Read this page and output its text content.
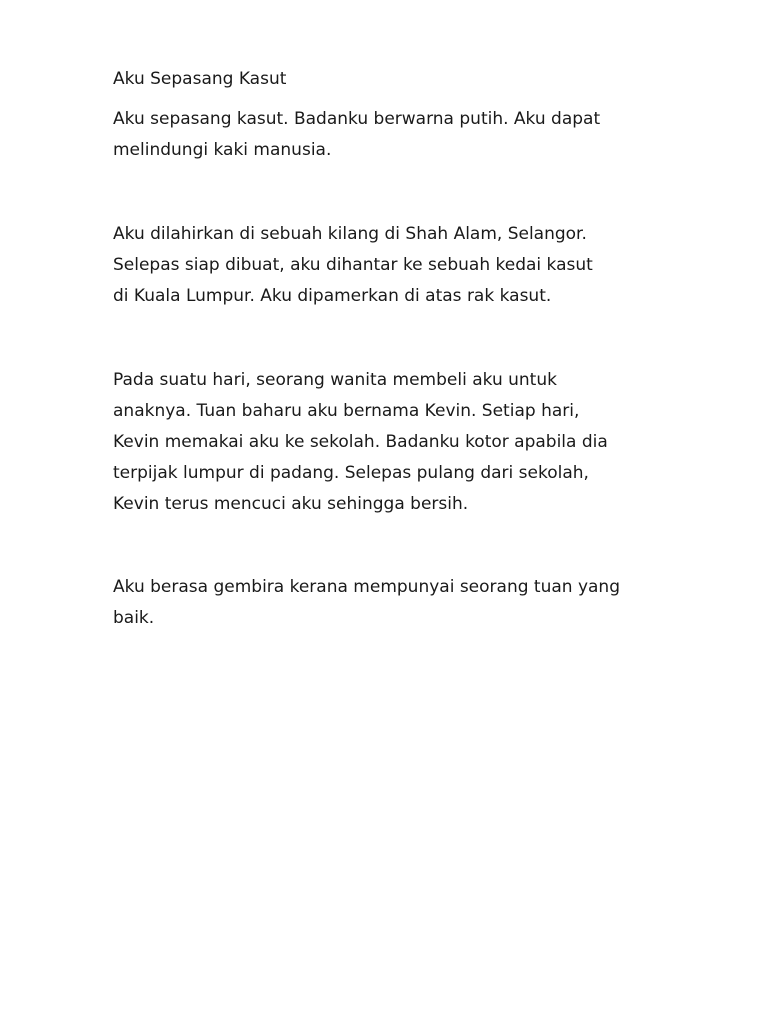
Aku Sepasang Kasut

Aku sepasang kasut. Badanku berwarna putih. Aku dapat
melindungi kaki manusia.

Aku dilahirkan di sebuah kilang di Shah Alam, Selangor.
Selepas siap dibuat, aku dihantar ke sebuah kedai kasut
di Kuala Lumpur. Aku dipamerkan di atas rak kasut.

Pada suatu hari, seorang wanita membeli aku untuk
anaknya. Tuan baharu aku bernama Kevin. Setiap hari,
Kevin memakai aku ke sekolah. Badanku kotor apabila dia
terpijak lumpur di padang. Selepas pulang dari sekolah,
Kevin terus mencuci aku sehingga bersih.

Aku berasa gembira kerana mempunyai seorang tuan yang
baik.
